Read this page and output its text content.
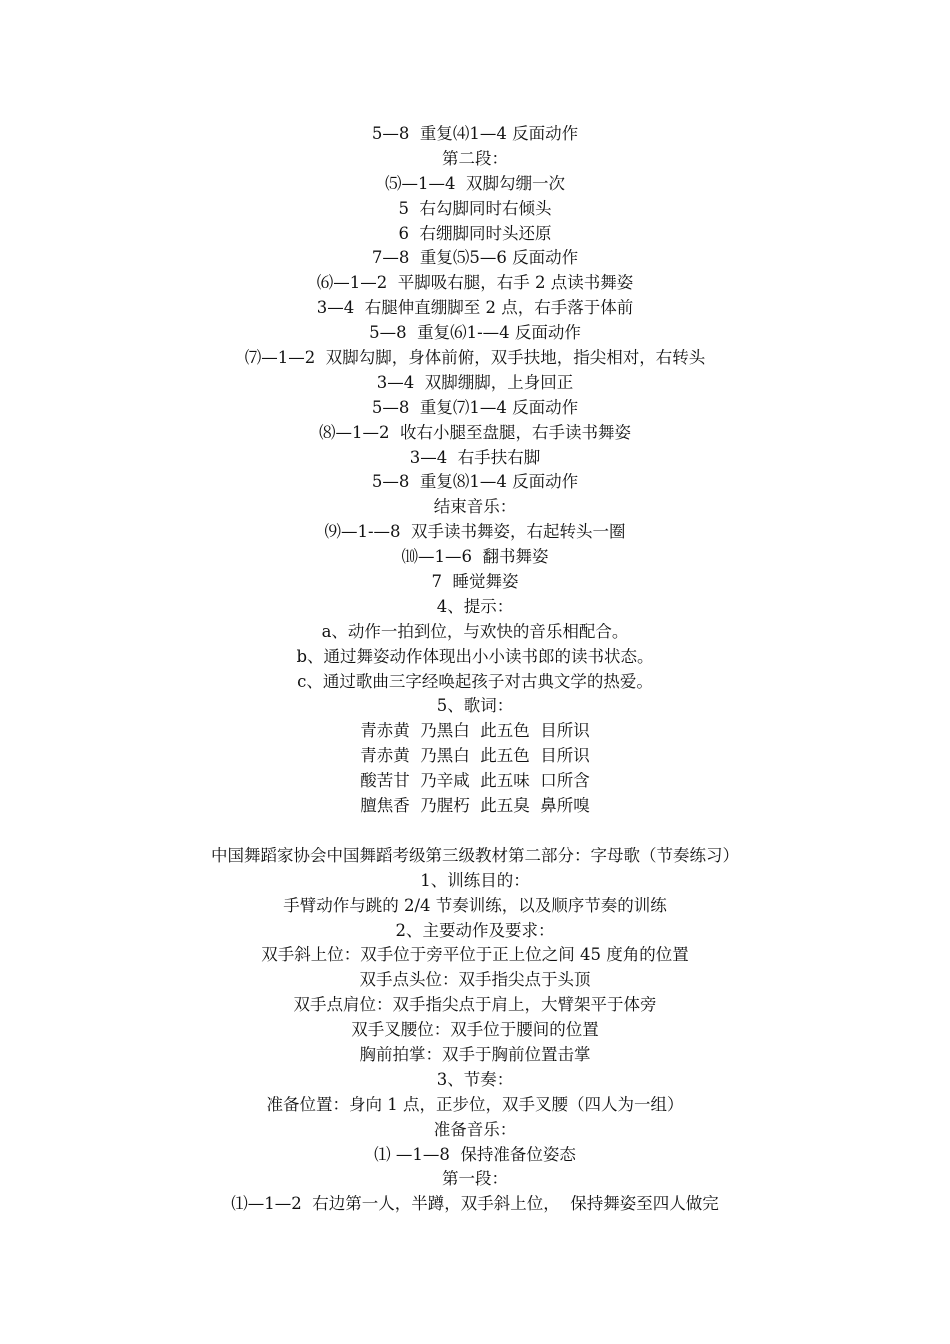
5—8  重复⑷1—4 反面动作
第二段：
⑸—1—4  双脚勾绷一次
5  右勾脚同时右倾头
6  右绷脚同时头还原
7—8  重复⑸5—6 反面动作
⑹—1—2  平脚吸右腿，右手 2 点读书舞姿
3—4  右腿伸直绷脚至 2 点，右手落于体前
5—8  重复⑹1-—4 反面动作
⑺—1—2  双脚勾脚，身体前俯，双手扶地，指尖相对，右转头
3—4  双脚绷脚，上身回正
5—8  重复⑺1—4 反面动作
⑻—1—2  收右小腿至盘腿，右手读书舞姿
3—4  右手扶右脚
5—8  重复⑻1—4 反面动作
结束音乐：
⑼—1-—8  双手读书舞姿，右起转头一圈
⑽—1—6  翻书舞姿
7  睡觉舞姿
4、提示：
a、动作一拍到位，与欢快的音乐相配合。
b、通过舞姿动作体现出小小读书郎的读书状态。
c、通过歌曲三字经唤起孩子对古典文学的热爱。
5、歌词：
青赤黄  乃黑白  此五色  目所识
青赤黄  乃黑白  此五色  目所识
酸苦甘  乃辛咸  此五味  口所含
膻焦香  乃腥朽  此五臭  鼻所嗅
中国舞蹈家协会中国舞蹈考级第三级教材第二部分：字母歌（节奏练习）
1、训练目的：
手臂动作与跳的 2/4 节奏训练，以及顺序节奏的训练
2、主要动作及要求：
双手斜上位：双手位于旁平位于正上位之间 45 度角的位置
双手点头位：双手指尖点于头顶
双手点肩位：双手指尖点于肩上，大臂架平于体旁
双手叉腰位：双手位于腰间的位置
胸前拍掌：双手于胸前位置击掌
3、节奏：
准备位置：身向 1 点，正步位，双手叉腰（四人为一组）
准备音乐：
⑴ —1—8  保持准备位姿态
第一段：
⑴—1—2  右边第一人，半蹲，双手斜上位，  保持舞姿至四人做完
